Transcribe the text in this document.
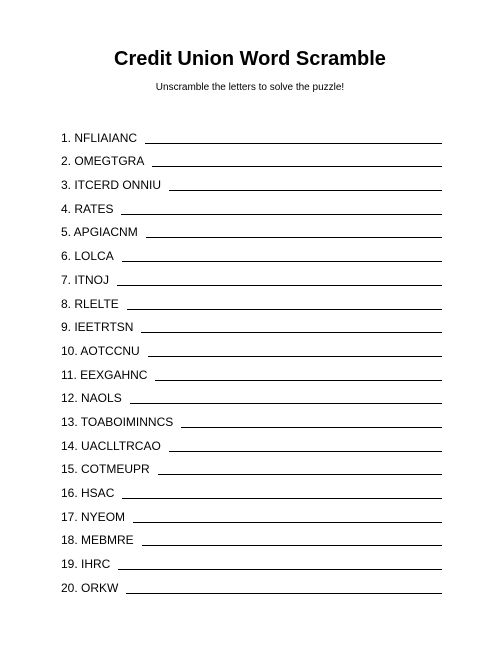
Credit Union Word Scramble
Unscramble the letters to solve the puzzle!
1. NFLIAIANC
2. OMEGTGRA
3. ITCERD ONNIU
4. RATES
5. APGIACNM
6. LOLCA
7. ITNOJ
8. RLELTE
9. IEETRTSN
10. AOTCCNU
11. EEXGAHNC
12. NAOLS
13. TOABOIMINNCS
14. UACLLTRCAO
15. COTMEUPR
16. HSAC
17. NYEOM
18. MEBMRE
19. IHRC
20. ORKW
